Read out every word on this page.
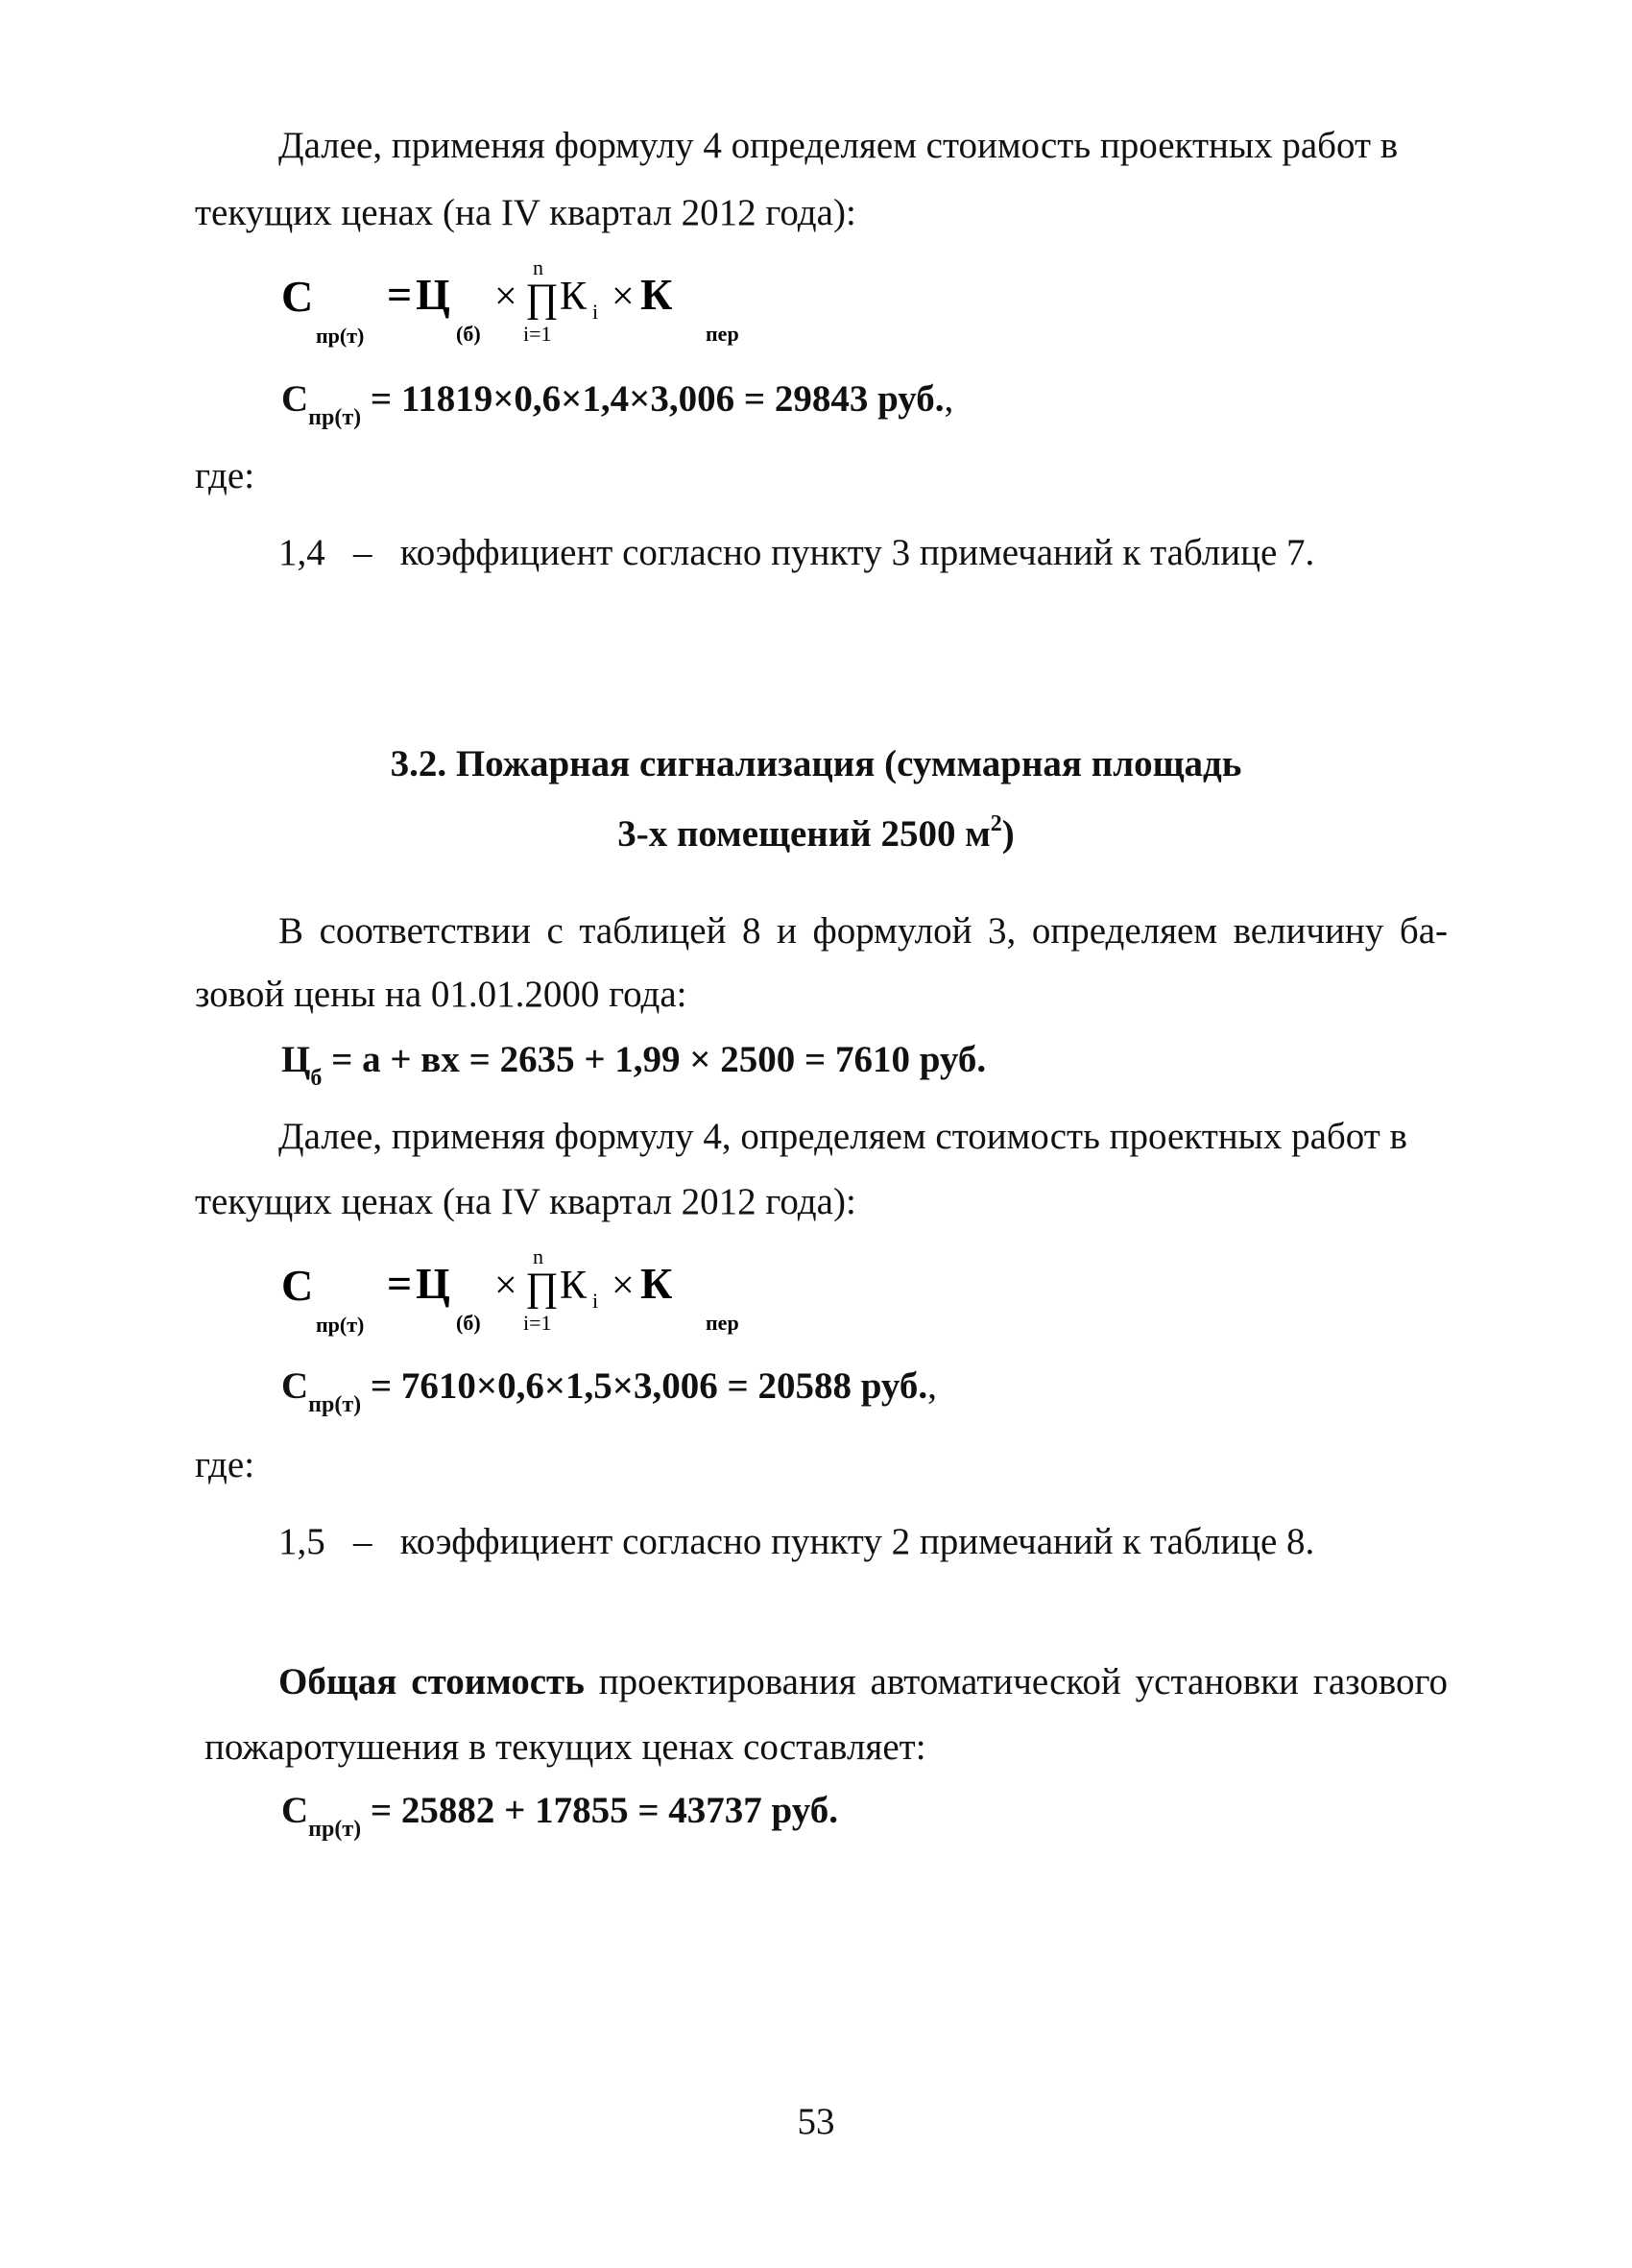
Далее, применяя формулу 4 определяем стоимость проектных работ в
текущих ценах (на IV квартал 2012 года):
С
пр(т)
= Ц
(б)
× ∏
n
i=1
К i × К
пер
$С_{пр(т)} = 11819\times 0,6\times 1,4\times 3,006 = 29843$ руб.,
где:
1,4 – коэффициент согласно пункту 3 примечаний к таблице 7.
3.2. Пожарная сигнализация (суммарная площадь
3-х помещений 2500 $м^2$)
В соответствии с таблицей 8 и формулой 3, определяем величину ба-
зовой цены на 01.01.2000 года:
$Ц_б = а$ + вх = 2635 + 1,99 × 2500 = 7610 руб.
Далее, применяя формулу 4, определяем стоимость проектных работ в
текущих ценах (на IV квартал 2012 года):
С
пр(т)
= Ц
(б)
× ∏
n
i=1
К i × К
пер
$С_{пр(т)} = 7610\times 0,6\times 1,5\times 3,006 = 20588$ руб.,
где:
1,5 – коэффициент согласно пункту 2 примечаний к таблице 8.
Общая стоимость проектирования автоматической установки газового
пожаротушения в текущих ценах составляет:
$С_{пр(т)} = 25882 + 17855 = 43737$ руб.
53
